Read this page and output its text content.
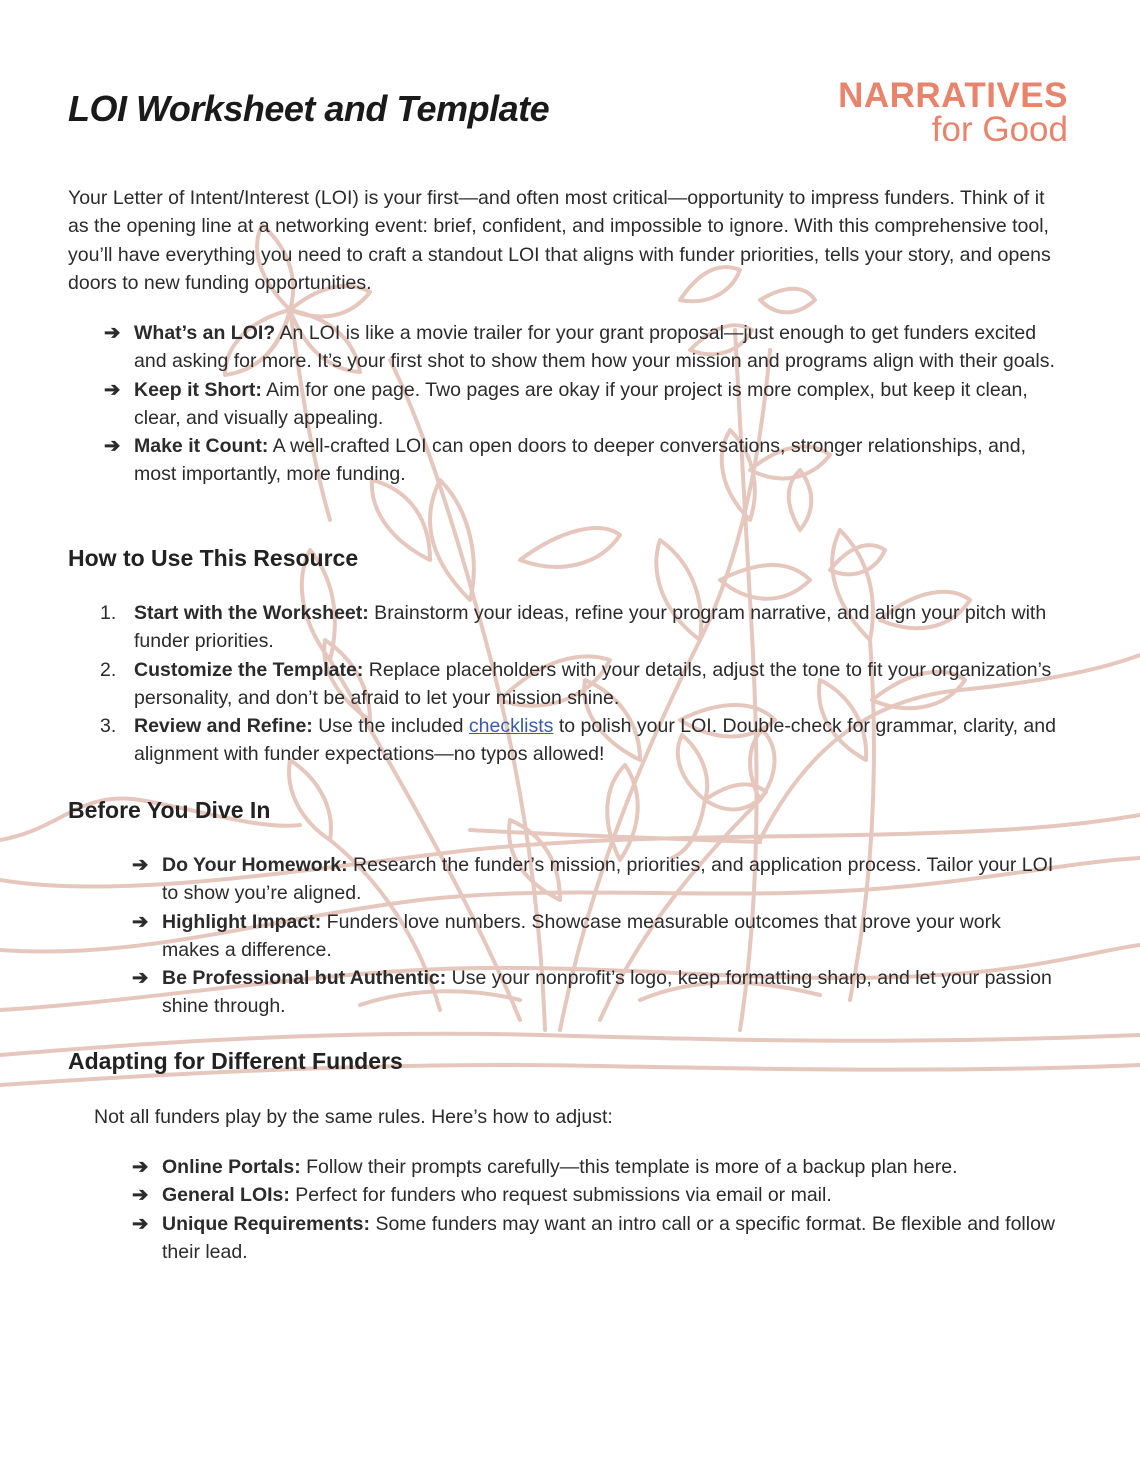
LOI Worksheet and Template	NARRATIVES
for Good

Your Letter of Intent/Interest (LOI) is your first—and often most critical—opportunity to impress funders. Think of it as the opening line at a networking event: brief, confident, and impossible to ignore. With this comprehensive tool, you’ll have everything you need to craft a standout LOI that aligns with funder priorities, tells your story, and opens doors to new funding opportunities.

➔ What’s an LOI? An LOI is like a movie trailer for your grant proposal—just enough to get funders excited and asking for more. It’s your first shot to show them how your mission and programs align with their goals.
➔ Keep it Short: Aim for one page. Two pages are okay if your project is more complex, but keep it clean, clear, and visually appealing.
➔ Make it Count: A well-crafted LOI can open doors to deeper conversations, stronger relationships, and, most importantly, more funding.
How to Use This Resource
1. Start with the Worksheet: Brainstorm your ideas, refine your program narrative, and align your pitch with funder priorities.
2. Customize the Template: Replace placeholders with your details, adjust the tone to fit your organization’s personality, and don’t be afraid to let your mission shine.
3. Review and Refine: Use the included checklists to polish your LOI. Double-check for grammar, clarity, and alignment with funder expectations—no typos allowed!
Before You Dive In
➔ Do Your Homework: Research the funder’s mission, priorities, and application process. Tailor your LOI to show you’re aligned.
➔ Highlight Impact: Funders love numbers. Showcase measurable outcomes that prove your work makes a difference.
➔ Be Professional but Authentic: Use your nonprofit’s logo, keep formatting sharp, and let your passion shine through.
Adapting for Different Funders

Not all funders play by the same rules. Here’s how to adjust:

➔ Online Portals: Follow their prompts carefully—this template is more of a backup plan here.
➔ General LOIs: Perfect for funders who request submissions via email or mail.
➔ Unique Requirements: Some funders may want an intro call or a specific format. Be flexible and follow their lead.
